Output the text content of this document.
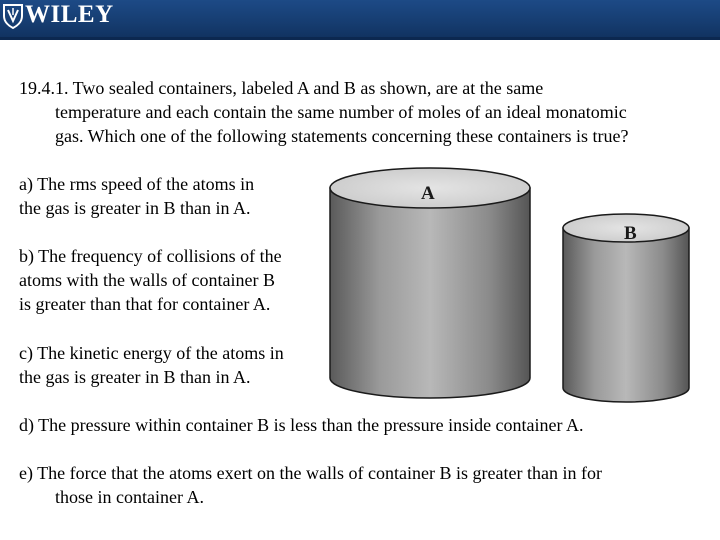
WILEY
19.4.1. Two sealed containers, labeled A and B as shown, are at the same
temperature and each contain the same number of moles of an ideal monatomic
gas. Which one of the following statements concerning these containers is true?
a) The rms speed of the atoms in
the gas is greater in B than in A.
b) The frequency of collisions of the
atoms with the walls of container B
is greater than that for container A.
c) The kinetic energy of the atoms in
the gas is greater in B than in A.
d) The pressure within container B is less than the pressure inside container A.
e) The force that the atoms exert on the walls of container B is greater than in for
those in container A.
A
B
